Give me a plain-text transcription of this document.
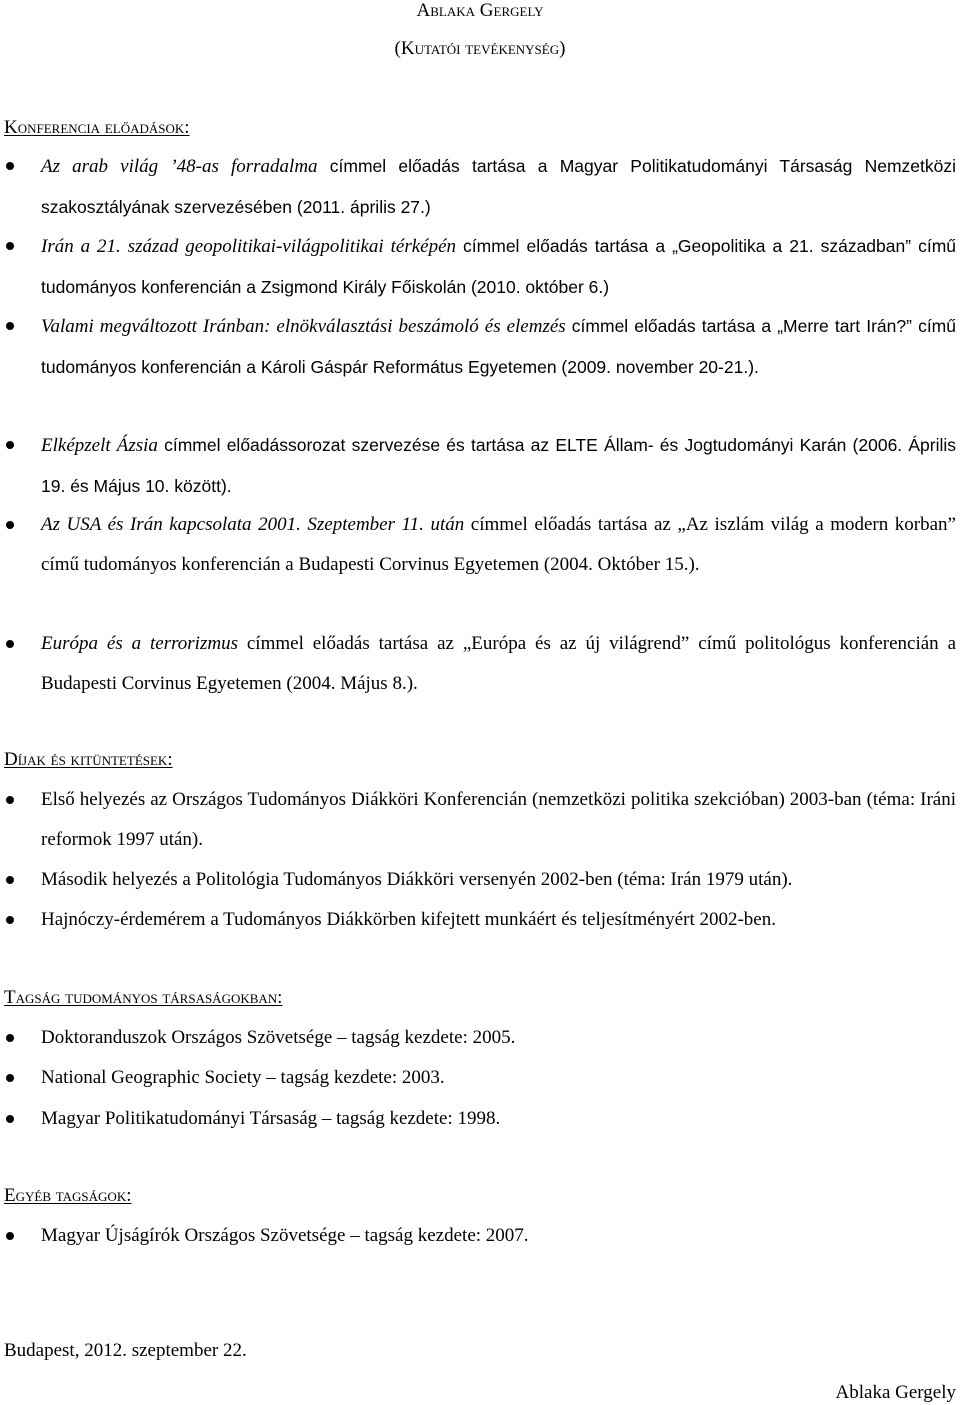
Ablaka Gergely
(Kutatói tevékenység)
Konferencia előadások:
Az arab világ ’48-as forradalma címmel előadás tartása a Magyar Politikatudományi Társaság Nemzetközi szakosztályának szervezésében (2011. április 27.)
Irán a 21. század geopolitikai-világpolitikai térképén címmel előadás tartása a „Geopolitika a 21. században” című tudományos konferencián a Zsigmond Király Főiskolán (2010. október 6.)
Valami megváltozott Iránban: elnökválasztási beszámoló és elemzés címmel előadás tartása a „Merre tart Irán?” című tudományos konferencián a Károli Gáspár Református Egyetemen (2009. november 20-21.).
Elképzelt Ázsia címmel előadássorozat szervezése és tartása az ELTE Állam- és Jogtudományi Karán (2006. Április 19. és Május 10. között).
Az USA és Irán kapcsolata 2001. Szeptember 11. után címmel előadás tartása az „Az iszlám világ a modern korban” című tudományos konferencián a Budapesti Corvinus Egyetemen (2004. Október 15.).
Európa és a terrorizmus címmel előadás tartása az „Európa és az új világrend” című politológus konferencián a Budapesti Corvinus Egyetemen (2004. Május 8.).
Díjak és kitüntetések:
Első helyezés az Országos Tudományos Diákköri Konferencián (nemzetközi politika szekcióban) 2003-ban (téma: Iráni reformok 1997 után).
Második helyezés a Politológia Tudományos Diákköri versenyén 2002-ben (téma: Irán 1979 után).
Hajnóczy-érdemérem a Tudományos Diákkörben kifejtett munkáért és teljesítményért 2002-ben.
Tagság tudományos társaságokban:
Doktoranduszok Országos Szövetsége – tagság kezdete: 2005.
National Geographic Society – tagság kezdete: 2003.
Magyar Politikatudományi Társaság – tagság kezdete: 1998.
Egyéb tagságok:
Magyar Újságírók Országos Szövetsége – tagság kezdete: 2007.
Budapest, 2012. szeptember 22.
Ablaka Gergely
